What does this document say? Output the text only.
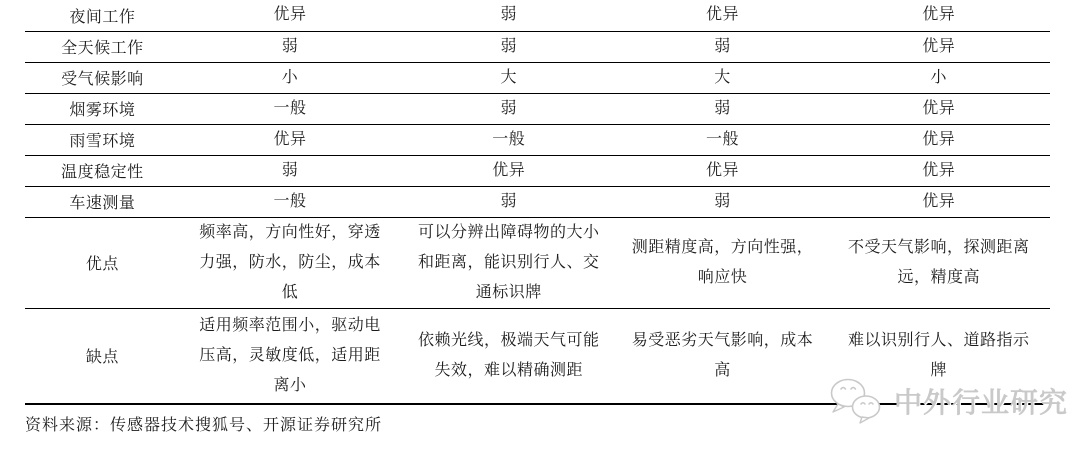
夜间工作	优异	弱	优异	优异

全天候工作	弱	弱	弱	优异

受气候影响	小	大	大	小

烟雾环境	一般	弱	弱	优异

雨雪环境	优异	一般	一般	优异

温度稳定性	弱	优异	优异	优异

车速测量	一般	弱	弱	优异

优点	频率高，方向性好，穿透力强，防水，防尘，成本低	可以分辨出障碍物的大小和距离，能识别行人、交通标识牌	测距精度高，方向性强，响应快	不受天气影响，探测距离远，精度高

缺点	适用频率范围小，驱动电压高，灵敏度低，适用距离小	依赖光线，极端天气可能失效，难以精确测距	易受恶劣天气影响，成本高	难以识别行人、道路指示牌
资料来源：传感器技术搜狐号、开源证券研究所
中外行业研究
